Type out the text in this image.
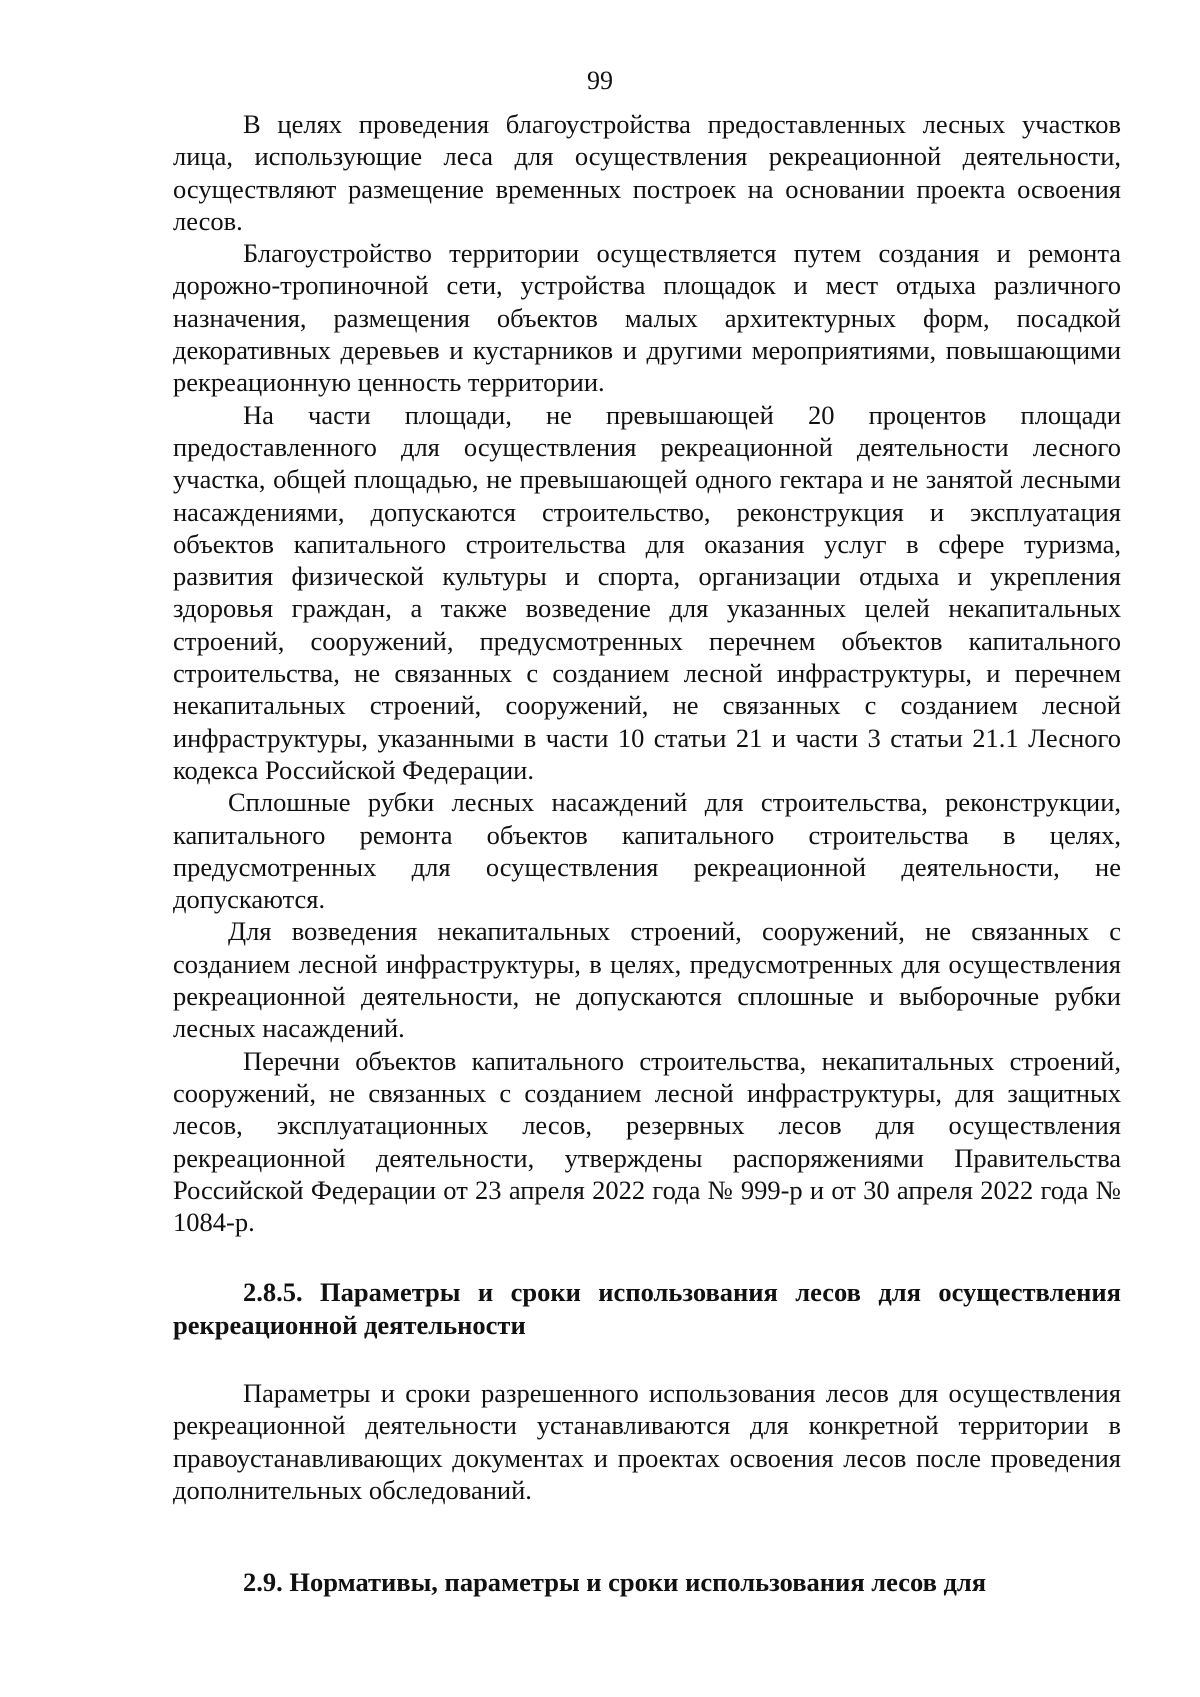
99

В целях проведения благоустройства предоставленных лесных участков лица, использующие леса для осуществления рекреационной деятельности, осуществляют размещение временных построек на основании проекта освоения лесов.

Благоустройство территории осуществляется путем создания и ремонта дорожно-тропиночной сети, устройства площадок и мест отдыха различного назначения, размещения объектов малых архитектурных форм, посадкой декоративных деревьев и кустарников и другими мероприятиями, повышающими рекреационную ценность территории.

На части площади, не превышающей 20 процентов площади предоставленного для осуществления рекреационной деятельности лесного участка, общей площадью, не превышающей одного гектара и не занятой лесными насаждениями, допускаются строительство, реконструкция и эксплуатация объектов капитального строительства для оказания услуг в сфере туризма, развития физической культуры и спорта, организации отдыха и укрепления здоровья граждан, а также возведение для указанных целей некапитальных строений, сооружений, предусмотренных перечнем объектов капитального строительства, не связанных с созданием лесной инфраструктуры, и перечнем некапитальных строений, сооружений, не связанных с созданием лесной инфраструктуры, указанными в части 10 статьи 21 и части 3 статьи 21.1 Лесного кодекса Российской Федерации.

Сплошные рубки лесных насаждений для строительства, реконструкции, капитального ремонта объектов капитального строительства в целях, предусмотренных для осуществления рекреационной деятельности, не допускаются.

Для возведения некапитальных строений, сооружений, не связанных с созданием лесной инфраструктуры, в целях, предусмотренных для осуществления рекреационной деятельности, не допускаются сплошные и выборочные рубки лесных насаждений.

Перечни объектов капитального строительства, некапитальных строений, сооружений, не связанных с созданием лесной инфраструктуры, для защитных лесов, эксплуатационных лесов, резервных лесов для осуществления рекреационной деятельности, утверждены распоряжениями Правительства Российской Федерации от 23 апреля 2022 года № 999-р и от 30 апреля 2022 года № 1084-р.

2.8.5. Параметры и сроки использования лесов для осуществления рекреационной деятельности

Параметры и сроки разрешенного использования лесов для осуществления рекреационной деятельности устанавливаются для конкретной территории в правоустанавливающих документах и проектах освоения лесов после проведения дополнительных обследований.

2.9. Нормативы, параметры и сроки использования лесов для
